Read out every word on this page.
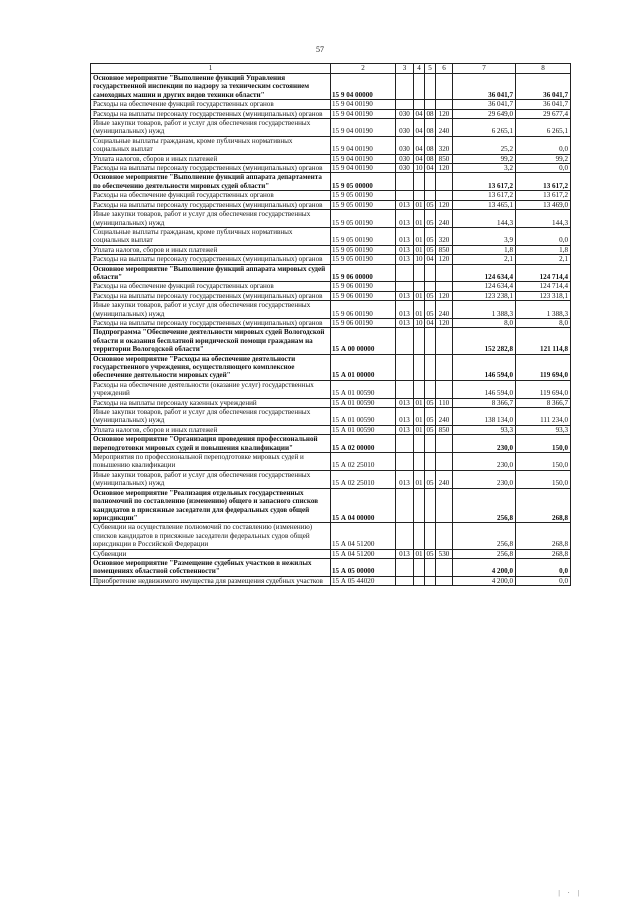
57
1	2	3	4	5	6	7	8
Основное мероприятие "Выполнение функций Управления государственной инспекции по надзору за техническим состоянием самоходных машин и других видов техники области"	15 9 04 00000					36 041,7	36 041,7
Расходы на обеспечение функций государственных органов	15 9 04 00190					36 041,7	36 041,7
Расходы на выплаты персоналу государственных (муниципальных) органов	15 9 04 00190	030	04	08	120	29 649,0	29 677,4
Иные закупки товаров, работ и услуг для обеспечения государственных (муниципальных) нужд	15 9 04 00190	030	04	08	240	6 265,1	6 265,1
Социальные выплаты гражданам, кроме публичных нормативных социальных выплат	15 9 04 00190	030	04	08	320	25,2	0,0
Уплата налогов, сборов и иных платежей	15 9 04 00190	030	04	08	850	99,2	99,2
Расходы на выплаты персоналу государственных (муниципальных) органов	15 9 04 00190	030	10	04	120	3,2	0,0
Основное мероприятие "Выполнение функций аппарата департамента по обеспечению деятельности мировых судей области"	15 9 05 00000					13 617,2	13 617,2
Расходы на обеспечение функций государственных органов	15 9 05 00190					13 617,2	13 617,2
Расходы на выплаты персоналу государственных (муниципальных) органов	15 9 05 00190	013	01	05	120	13 465,1	13 469,0
Иные закупки товаров, работ и услуг для обеспечения государственных (муниципальных) нужд	15 9 05 00190	013	01	05	240	144,3	144,3
Социальные выплаты гражданам, кроме публичных нормативных социальных выплат	15 9 05 00190	013	01	05	320	3,9	0,0
Уплата налогов, сборов и иных платежей	15 9 05 00190	013	01	05	850	1,8	1,8
Расходы на выплаты персоналу государственных (муниципальных) органов	15 9 05 00190	013	10	04	120	2,1	2,1
Основное мероприятие "Выполнение функций аппарата мировых судей области"	15 9 06 00000					124 634,4	124 714,4
Расходы на обеспечение функций государственных органов	15 9 06 00190					124 634,4	124 714,4
Расходы на выплаты персоналу государственных (муниципальных) органов	15 9 06 00190	013	01	05	120	123 238,1	123 318,1
Иные закупки товаров, работ и услуг для обеспечения государственных (муниципальных) нужд	15 9 06 00190	013	01	05	240	1 388,3	1 388,3
Расходы на выплаты персоналу государственных (муниципальных) органов	15 9 06 00190	013	10	04	120	8,0	8,0
Подпрограмма "Обеспечение деятельности мировых судей Вологодской области и оказания бесплатной юридической помощи гражданам на территории Вологодской области"	15 А 00 00000					152 282,8	121 114,8
Основное мероприятие "Расходы на обеспечение деятельности государственного учреждения, осуществляющего комплексное обеспечение деятельности мировых судей"	15 А 01 00000					146 594,0	119 694,0
Расходы на обеспечение деятельности (оказание услуг) государственных учреждений	15 А 01 00590					146 594,0	119 694,0
Расходы на выплаты персоналу казенных учреждений	15 А 01 00590	013	01	05	110	8 366,7	8 366,7
Иные закупки товаров, работ и услуг для обеспечения государственных (муниципальных) нужд	15 А 01 00590	013	01	05	240	138 134,0	111 234,0
Уплата налогов, сборов и иных платежей	15 А 01 00590	013	01	05	850	93,3	93,3
Основное мероприятие "Организация проведения профессиональной переподготовки мировых судей и повышения квалификации"	15 А 02 00000					230,0	150,0
Мероприятия по профессиональной переподготовке мировых судей и повышению квалификации	15 А 02 25010					230,0	150,0
Иные закупки товаров, работ и услуг для обеспечения государственных (муниципальных) нужд	15 А 02 25010	013	01	05	240	230,0	150,0
Основное мероприятие "Реализация отдельных государственных полномочий по составлению (изменению) общего и запасного списков кандидатов в присяжные заседатели для федеральных судов общей юрисдикции"	15 А 04 00000					256,8	268,8
Субвенции на осуществление полномочий по составлению (изменению) списков кандидатов в присяжные заседатели федеральных судов общей юрисдикции в Российской Федерации	15 А 04 51200					256,8	268,8
Субвенции	15 А 04 51200	013	01	05	530	256,8	268,8
Основное мероприятие "Размещение судебных участков в нежилых помещениях областной собственности"	15 А 05 00000					4 200,0	0,0
Приобретение недвижимого имущества для размещения судебных участков	15 А 05 44020					4 200,0	0,0
| · |
